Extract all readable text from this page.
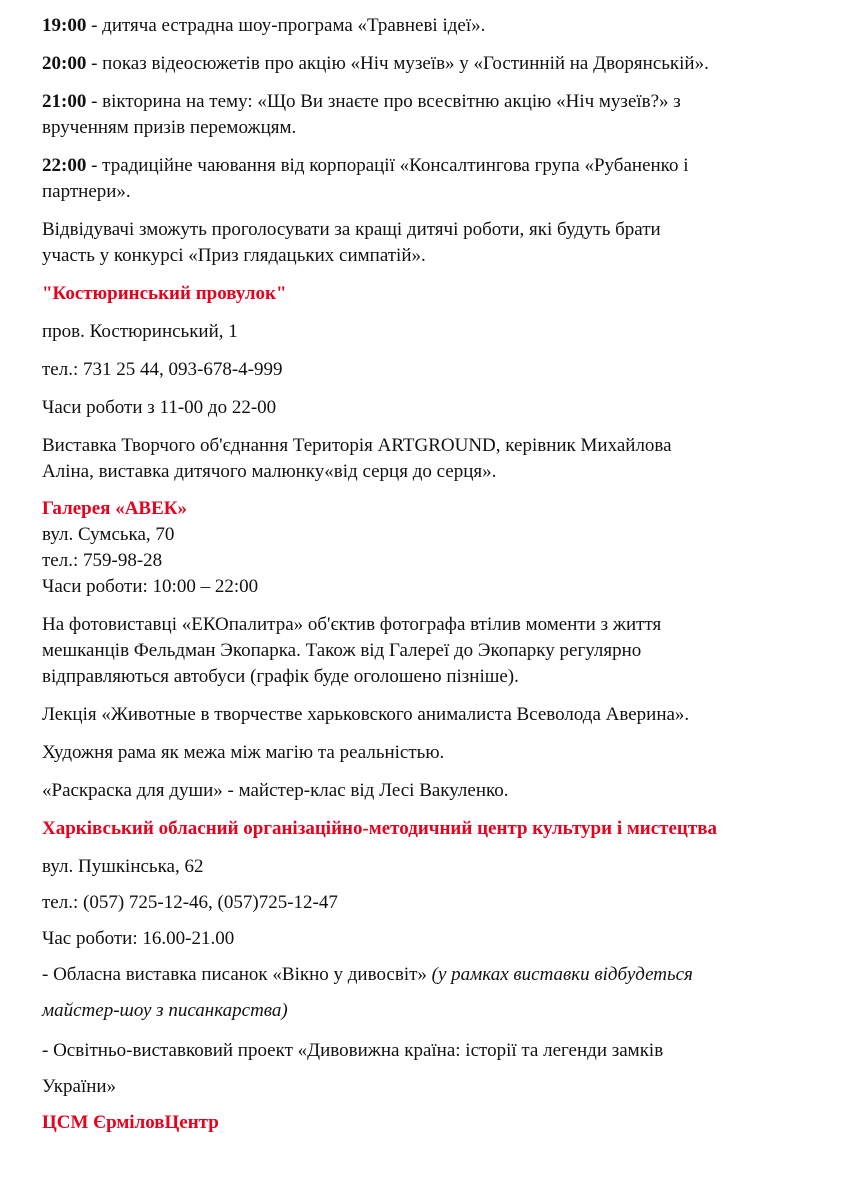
19:00 - дитяча естрадна шоу-програма «Травневі ідеї».
20:00 - показ відеосюжетів про акцію «Ніч музеїв» у «Гостинній на Дворянській».
21:00 - вікторина на тему: «Що Ви знаєте про всесвітню акцію «Ніч музеїв?» з
врученням призів переможцям.
22:00 - традиційне чаювання від корпорації «Консалтингова група «Рубаненко і
партнери».
Відвідувачі зможуть проголосувати за кращі дитячі роботи, які будуть брати
участь у конкурсі «Приз глядацьких симпатій».
"Костюринський провулок"
пров. Костюринський, 1
тел.: 731 25 44, 093-678-4-999
Часи роботи з 11-00 до 22-00
Виставка Творчого об'єднання Територія ARTGROUND, керівник Михайлова
Аліна, виставка дитячого малюнку«від серця до серця».
Галерея «АВЕК»
вул. Сумська, 70
тел.: 759-98-28
Часи роботи: 10:00 – 22:00
На фотовиставці «ЕКОпалитра» об'єктив фотографа втілив моменти з життя
мешканців Фельдман Экопарка. Також від Галереї до Экопарку регулярно
відправляються автобуси (графік буде оголошено пізніше).
Лекція «Животные в творчестве харьковского анималиста Всеволода Аверина».
Художня рама як межа між магію та реальністью.
«Раскраска для души» - майстер-клас від Лесі Вакуленко.
Харківський обласний організаційно-методичний центр культури і мистецтва
вул. Пушкінська, 62
тел.: (057) 725-12-46, (057)725-12-47
Час роботи: 16.00-21.00
- Обласна виставка писанок «Вікно у дивосвіт» (у рамках виставки відбудеться
майстер-шоу з писанкарства)
- Освітньо-виставковий проект «Дивовижна країна: історії та легенди замків
України»
ЦСМ ЄрміловЦентр
